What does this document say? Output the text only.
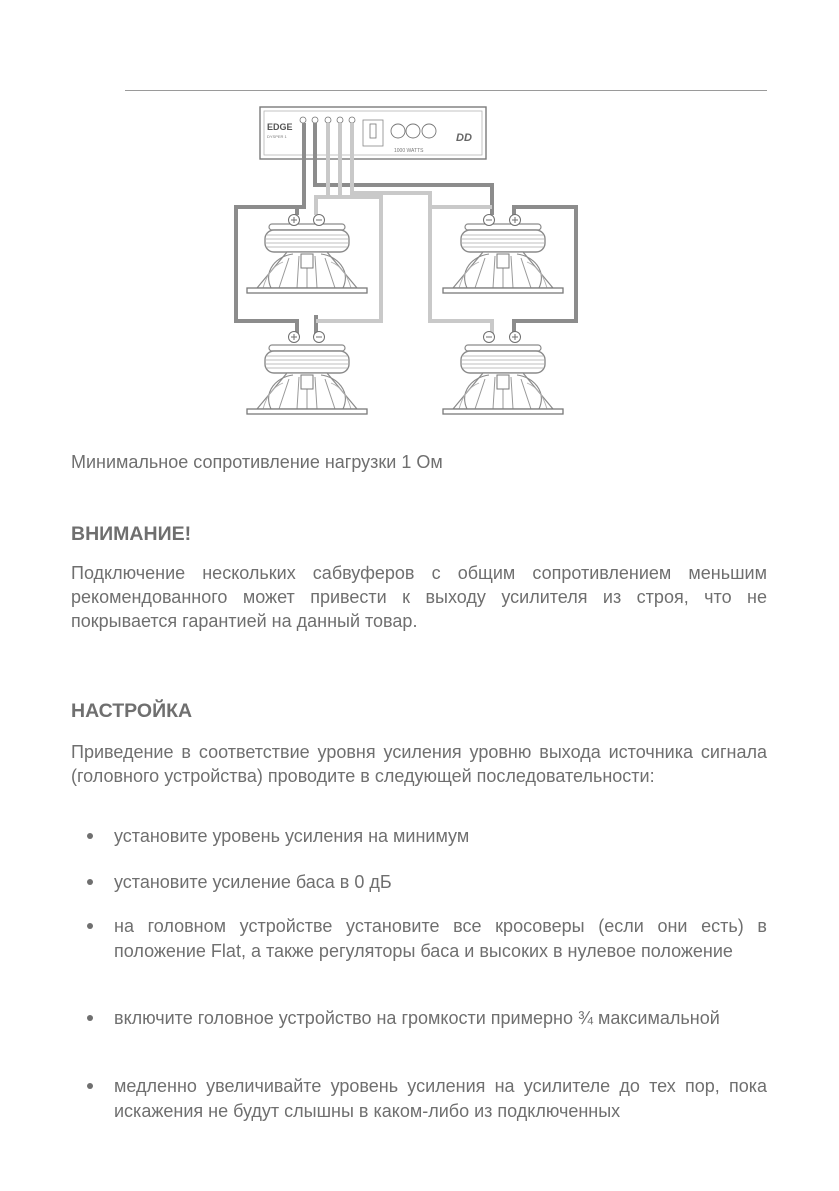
EDGE
DYSPER 1
1000 WATTS
DD
Минимальное сопротивление нагрузки 1 Ом
ВНИМАНИЕ!
Подключение нескольких сабвуферов с общим сопротивлением меньшим рекомендованного может привести к выходу усилителя из строя, что не покрывается гарантией на данный товар.
НАСТРОЙКА
Приведение в соответствие уровня усиления уровню выхода источника сигнала (головного устройства) проводите в следующей последовательности:
установите уровень усиления на минимум
установите усиление баса в 0 дБ
на головном устройстве установите все кросоверы (если они есть) в положение Flat, а также регуляторы баса и высоких в нулевое положение
включите головное устройство на громкости примерно ¾ максимальной
медленно увеличивайте уровень усиления на усилителе до тех пор, пока искажения не будут слышны в каком-либо из подключенных
